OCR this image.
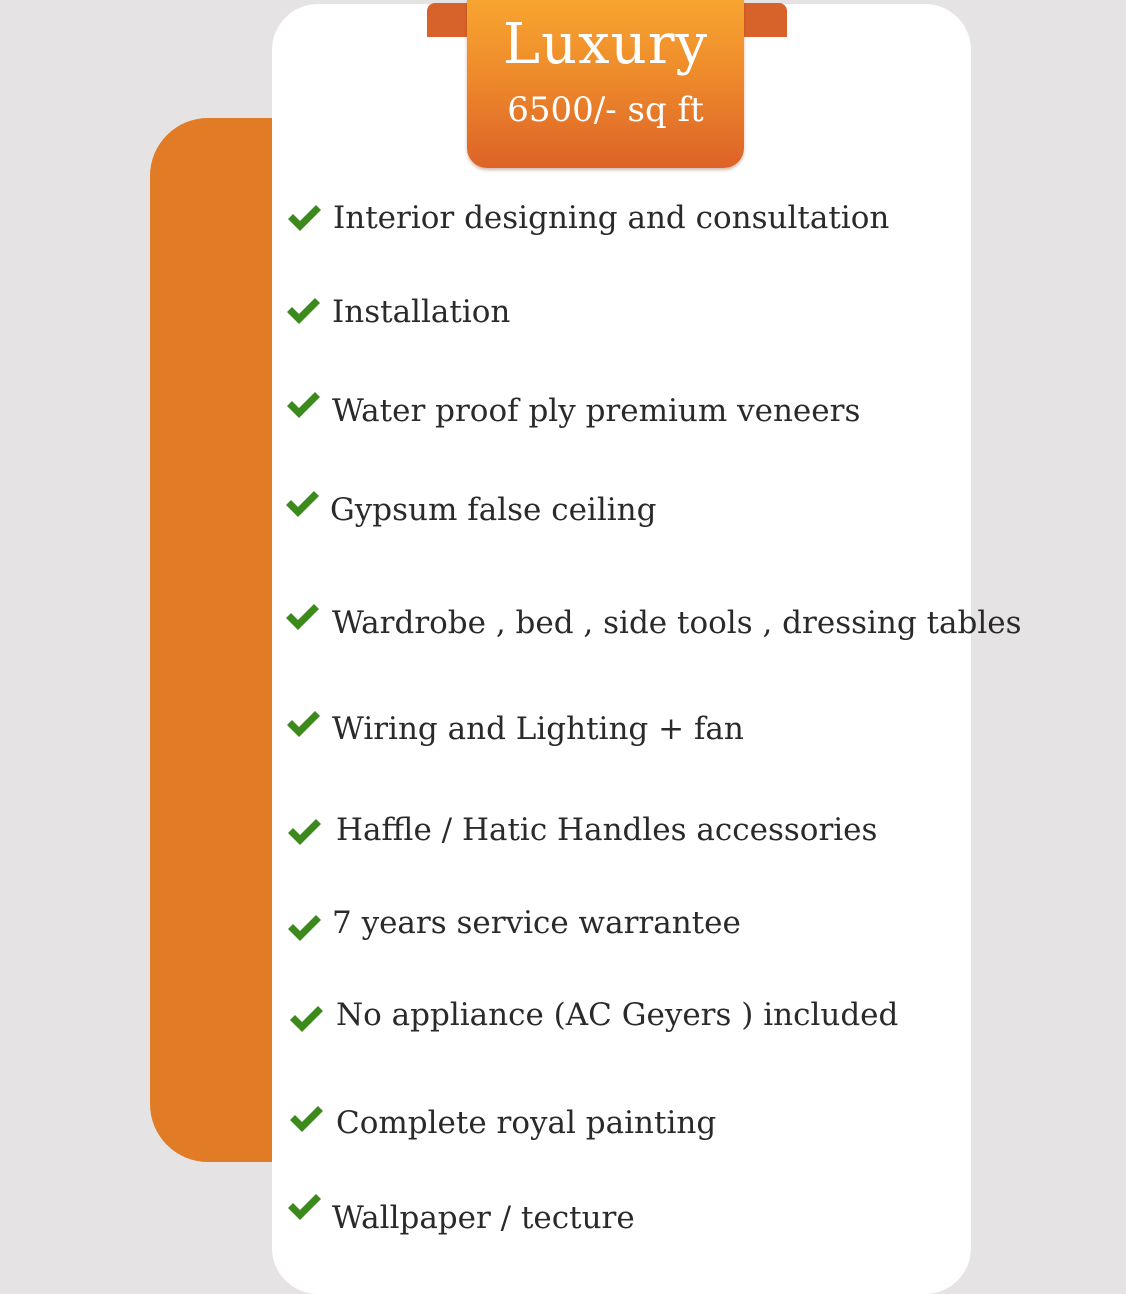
Luxury
6500/- sq ft
Interior designing and consultation
Installation
Water proof ply premium veneers
Gypsum false ceiling
Wardrobe , bed , side tools , dressing tables
Wiring and Lighting + fan
Haffle / Hatic Handles accessories
7 years service warrantee
No appliance (AC Geyers ) included
Complete royal painting
Wallpaper / tecture
